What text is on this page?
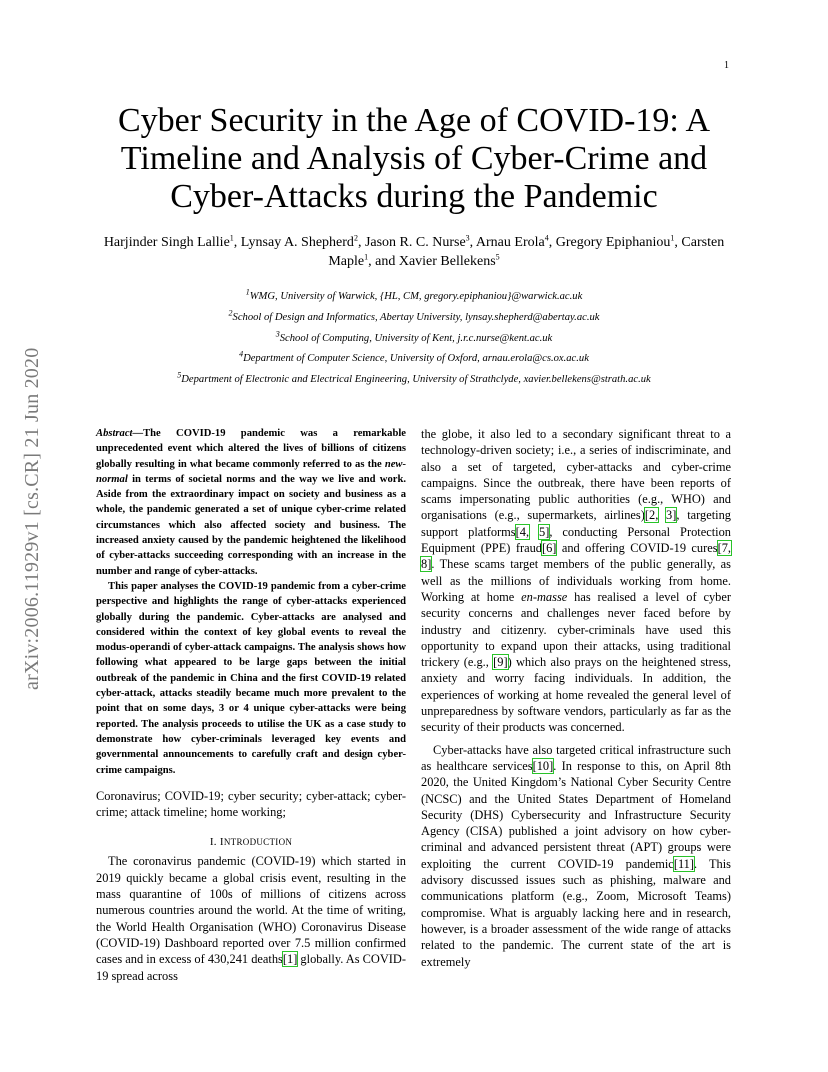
1
arXiv:2006.11929v1 [cs.CR] 21 Jun 2020
Cyber Security in the Age of COVID-19: A Timeline and Analysis of Cyber-Crime and Cyber-Attacks during the Pandemic
Harjinder Singh Lallie$^1$, Lynsay A. Shepherd$^2$, Jason R. C. Nurse$^3$, Arnau Erola$^4$, Gregory Epiphaniou$^1$, Carsten Maple$^1$, and Xavier Bellekens$^5$
$^1$WMG, University of Warwick, {HL, CM, gregory.epiphaniou}@warwick.ac.uk
$^2$School of Design and Informatics, Abertay University, lynsay.shepherd@abertay.ac.uk
$^3$School of Computing, University of Kent, j.r.c.nurse@kent.ac.uk
$^4$Department of Computer Science, University of Oxford, arnau.erola@cs.ox.ac.uk
$^5$Department of Electronic and Electrical Engineering, University of Strathclyde, xavier.bellekens@strath.ac.uk

Abstract—The COVID-19 pandemic was a remarkable unprecedented event which altered the lives of billions of citizens globally resulting in what became commonly referred to as the new-normal in terms of societal norms and the way we live and work. Aside from the extraordinary impact on society and business as a whole, the pandemic generated a set of unique cyber-crime related circumstances which also affected society and business. The increased anxiety caused by the pandemic heightened the likelihood of cyber-attacks succeeding corresponding with an increase in the number and range of cyber-attacks.

This paper analyses the COVID-19 pandemic from a cyber-crime perspective and highlights the range of cyber-attacks experienced globally during the pandemic. Cyber-attacks are analysed and considered within the context of key global events to reveal the modus-operandi of cyber-attack campaigns. The analysis shows how following what appeared to be large gaps between the initial outbreak of the pandemic in China and the first COVID-19 related cyber-attack, attacks steadily became much more prevalent to the point that on some days, 3 or 4 unique cyber-attacks were being reported. The analysis proceeds to utilise the UK as a case study to demonstrate how cyber-criminals leveraged key events and governmental announcements to carefully craft and design cyber-crime campaigns.

Coronavirus; COVID-19; cyber security; cyber-attack; cyber-crime; attack timeline; home working;

I. INTRODUCTION

The coronavirus pandemic (COVID-19) which started in 2019 quickly became a global crisis event, resulting in the mass quarantine of 100s of millions of citizens across numerous countries around the world. At the time of writing, the World Health Organisation (WHO) Coronavirus Disease (COVID-19) Dashboard reported over 7.5 million confirmed cases and in excess of 430,241 deaths[1] globally. As COVID-19 spread across

the globe, it also led to a secondary significant threat to a technology-driven society; i.e., a series of indiscriminate, and also a set of targeted, cyber-attacks and cyber-crime campaigns. Since the outbreak, there have been reports of scams impersonating public authorities (e.g., WHO) and organisations (e.g., supermarkets, airlines)[2, 3], targeting support platforms[4, 5], conducting Personal Protection Equipment (PPE) fraud[6] and offering COVID-19 cures[7, 8]. These scams target members of the public generally, as well as the millions of individuals working from home. Working at home en-masse has realised a level of cyber security concerns and challenges never faced before by industry and citizenry. cyber-criminals have used this opportunity to expand upon their attacks, using traditional trickery (e.g., [9]) which also prays on the heightened stress, anxiety and worry facing individuals. In addition, the experiences of working at home revealed the general level of unpreparedness by software vendors, particularly as far as the security of their products was concerned.

Cyber-attacks have also targeted critical infrastructure such as healthcare services[10]. In response to this, on April 8th 2020, the United Kingdom’s National Cyber Security Centre (NCSC) and the United States Department of Homeland Security (DHS) Cybersecurity and Infrastructure Security Agency (CISA) published a joint advisory on how cyber-criminal and advanced persistent threat (APT) groups were exploiting the current COVID-19 pandemic[11]. This advisory discussed issues such as phishing, malware and communications platform (e.g., Zoom, Microsoft Teams) compromise. What is arguably lacking here and in research, however, is a broader assessment of the wide range of attacks related to the pandemic. The current state of the art is extremely
